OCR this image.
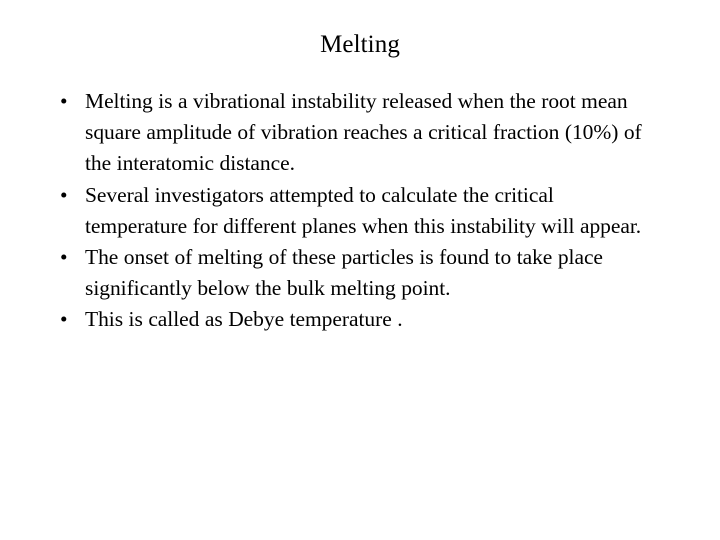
Melting
• Melting is a vibrational instability released when the root mean square amplitude of vibration reaches a critical fraction (10%) of the interatomic distance.
• Several investigators attempted to calculate the critical temperature for different planes when this instability will appear.
• The onset of melting of these particles is found to take place significantly below the bulk melting point.
• This is called as Debye temperature .
